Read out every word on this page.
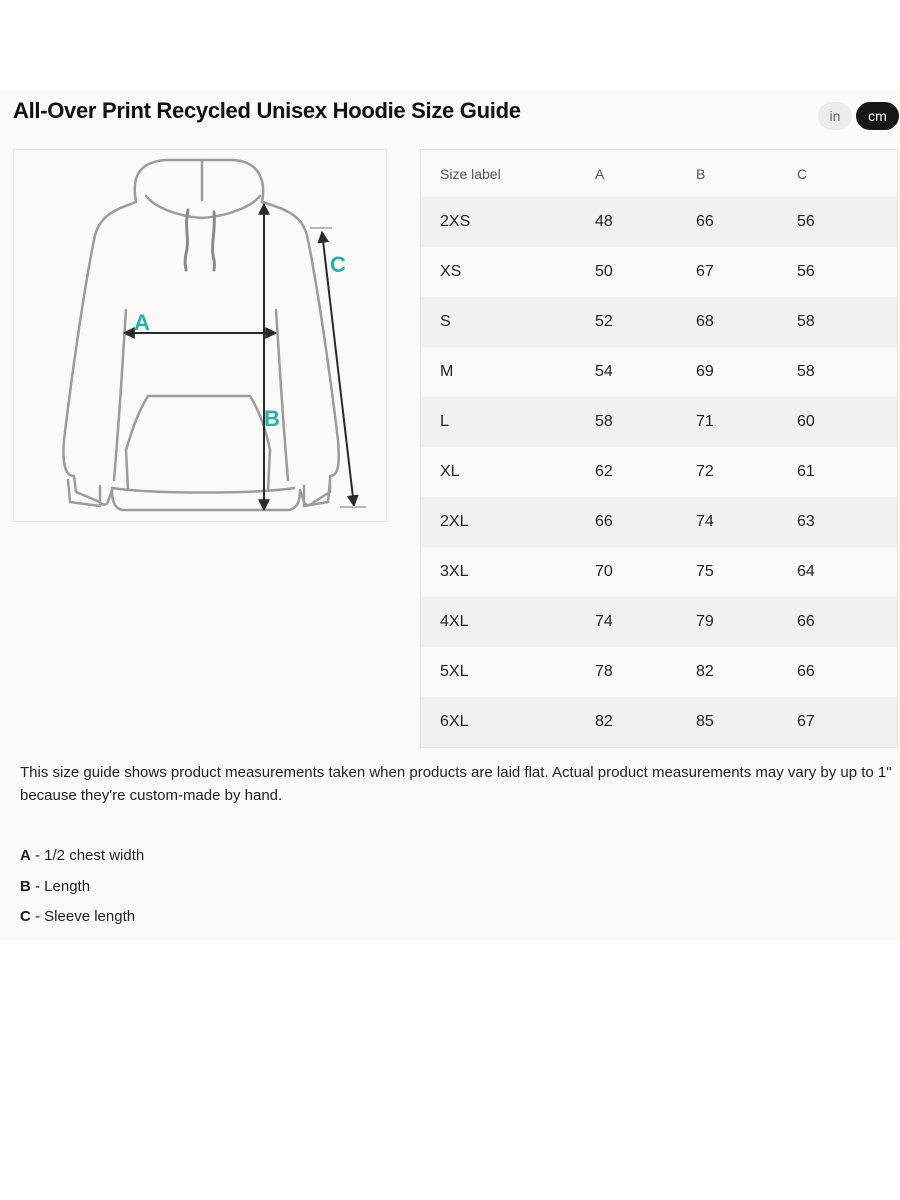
All-Over Print Recycled Unisex Hoodie Size Guide	in	cm
A
B
C
Size label	A	B	C
2XS	48	66	56
XS	50	67	56
S	52	68	58
M	54	69	58
L	58	71	60
XL	62	72	61
2XL	66	74	63
3XL	70	75	64
4XL	74	79	66
5XL	78	82	66
6XL	82	85	67

This size guide shows product measurements taken when products are laid flat. Actual product measurements may vary by up to 1" because they're custom-made by hand.

A - 1/2 chest width
B - Length
C - Sleeve length
